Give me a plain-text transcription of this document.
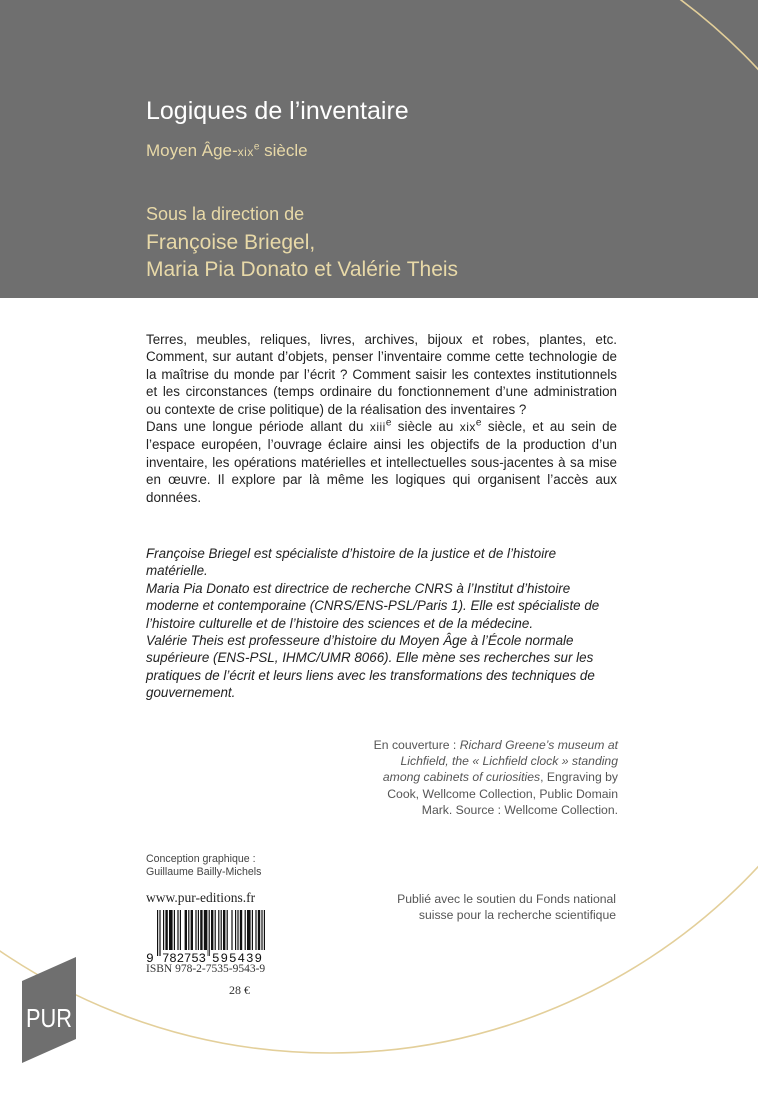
Logiques de l’inventaire

Moyen Âge-xix$^e$ siècle

Sous la direction de

Françoise Briegel,
Maria Pia Donato et Valérie Theis

Terres, meubles, reliques, livres, archives, bijoux et robes, plantes, etc. Comment, sur autant d’objets, penser l’inventaire comme cette technologie de la maîtrise du monde par l’écrit ? Comment saisir les contextes institutionnels et les circonstances (temps ordinaire du fonctionnement d’une administration ou contexte de crise politique) de la réalisation des inventaires ?

Dans une longue période allant du xiii$^e$ siècle au xix$^e$ siècle, et au sein de l’espace européen, l’ouvrage éclaire ainsi les objectifs de la production d’un inventaire, les opérations matérielles et intellectuelles sous-jacentes à sa mise en œuvre. Il explore par là même les logiques qui organisent l’accès aux données.

Françoise Briegel est spécialiste d’histoire de la justice et de l’histoire matérielle.

Maria Pia Donato est directrice de recherche CNRS à l’Institut d’histoire moderne et contemporaine (CNRS/ENS-PSL/Paris 1). Elle est spécialiste de l’histoire culturelle et de l’histoire des sciences et de la médecine.

Valérie Theis est professeure d’histoire du Moyen Âge à l’École normale supérieure (ENS-PSL, IHMC/UMR 8066). Elle mène ses recherches sur les pratiques de l’écrit et leurs liens avec les transformations des techniques de gouvernement.

En couverture : Richard Greene’s museum at Lichfield, the « Lichfield clock » standing among cabinets of curiosities, Engraving by Cook, Wellcome Collection, Public Domain Mark. Source : Wellcome Collection.

Conception graphique :
Guillaume Bailly-Michels
www.pur-editions.fr	Publié avec le soutien du Fonds national suisse pour la recherche scientifique

9 782753 595439
ISBN 978-2-7535-9543-9
28 €
PUR
